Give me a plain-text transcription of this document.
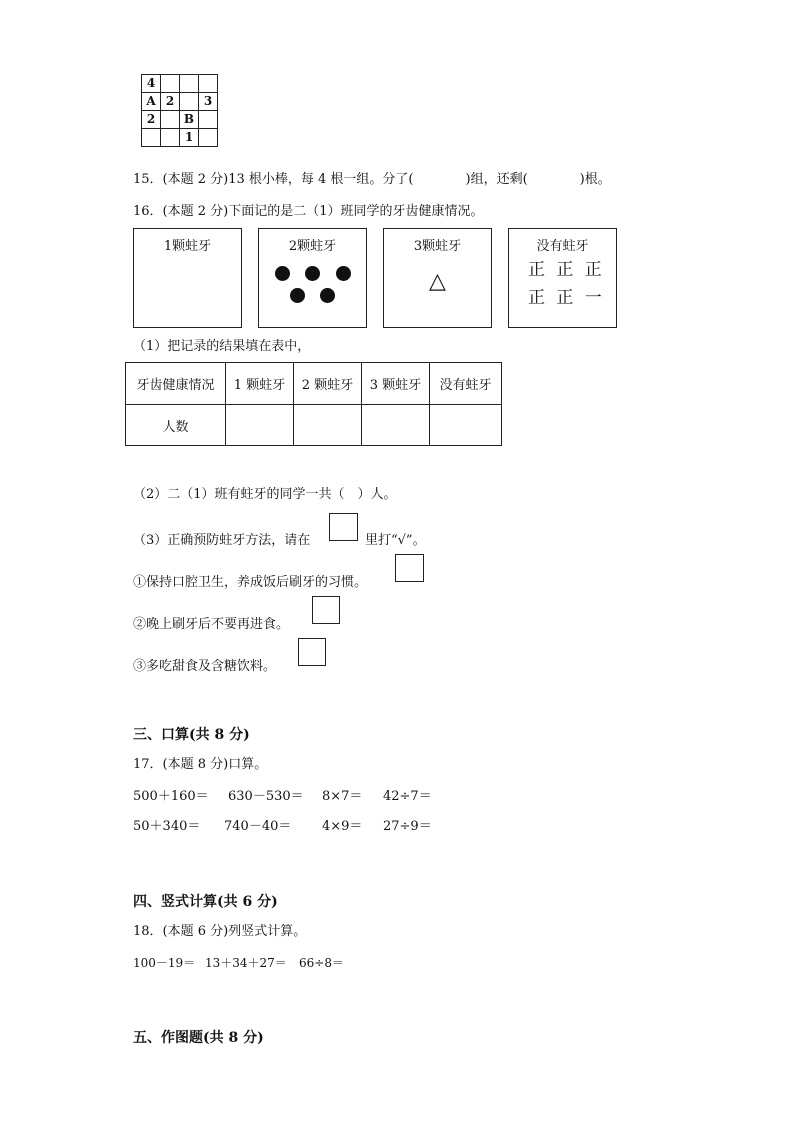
4			
A	2		3
2		B	
		1	
15．(本题 2 分)13 根小棒，每 4 根一组。分了(　　　　)组，还剩(　　　　)根。
16．(本题 2 分)下面记的是二（1）班同学的牙齿健康情况。
1颗蛀牙	2颗蛀牙	3颗蛀牙
△
没有蛀牙
正 正 正
正 正 一
（1）把记录的结果填在表中，
牙齿健康情况	1 颗蛀牙	2 颗蛀牙	3 颗蛀牙	没有蛀牙
人数				
（2）二（1）班有蛀牙的同学一共（　）人。
（3）正确预防蛀牙方法，请在	里打“√”。
①保持口腔卫生，养成饭后刷牙的习惯。
②晚上刷牙后不要再进食。
③多吃甜食及含糖饮料。
三、口算(共 8 分)
17．(本题 8 分)口算。
500＋160＝ 630－530＝ 8×7＝ 42÷7＝
50＋340＝ 740－40＝ 4×9＝ 27÷9＝
四、竖式计算(共 6 分)
18．(本题 6 分)列竖式计算。
100－19＝ 13＋34＋27＝ 66÷8＝
五、作图题(共 8 分)
